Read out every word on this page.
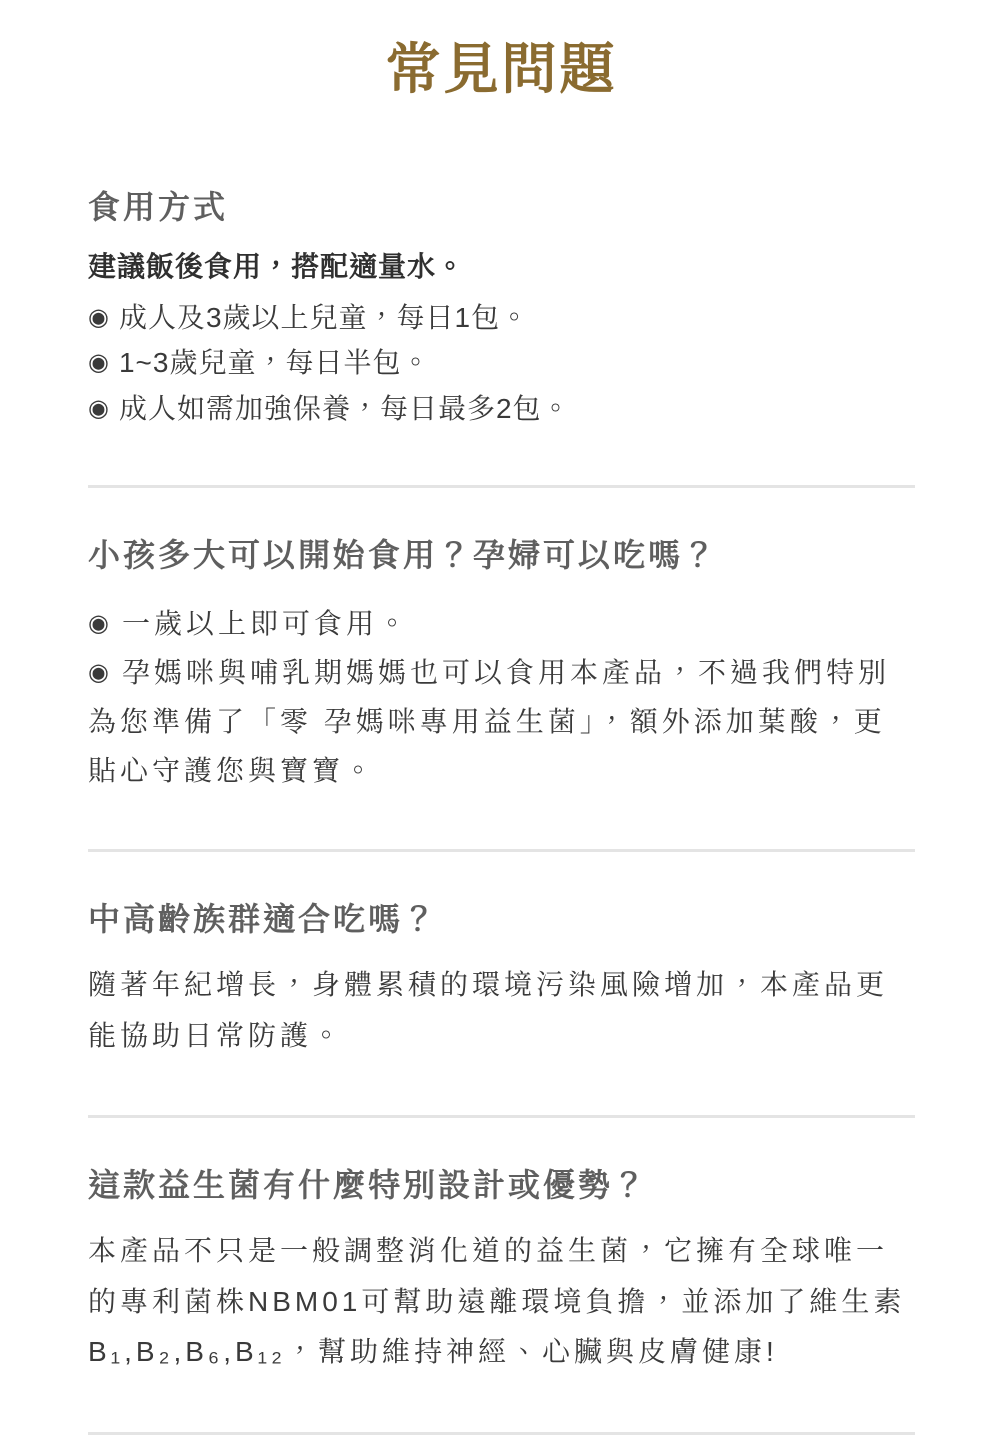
常見問題
食用方式

建議飯後食用，搭配適量水。

◉ 成人及3歲以上兒童，每日1包。

◉ 1~3歲兒童，每日半包。

◉ 成人如需加強保養，每日最多2包。

小孩多大可以開始食用？孕婦可以吃嗎？

◉ 一歲以上即可食用。

◉ 孕媽咪與哺乳期媽媽也可以食用本產品，不過我們特別為您準備了「零 孕媽咪專用益生菌」，額外添加葉酸，更貼心守護您與寶寶。

中高齡族群適合吃嗎？

隨著年紀增長，身體累積的環境污染風險增加，本產品更能協助日常防護。

這款益生菌有什麼特別設計或優勢？

本產品不只是一般調整消化道的益生菌，它擁有全球唯一的專利菌株NBM01可幫助遠離環境負擔，並添加了維生素B₁,B₂,B₆,B₁₂，幫助維持神經、心臟與皮膚健康!
